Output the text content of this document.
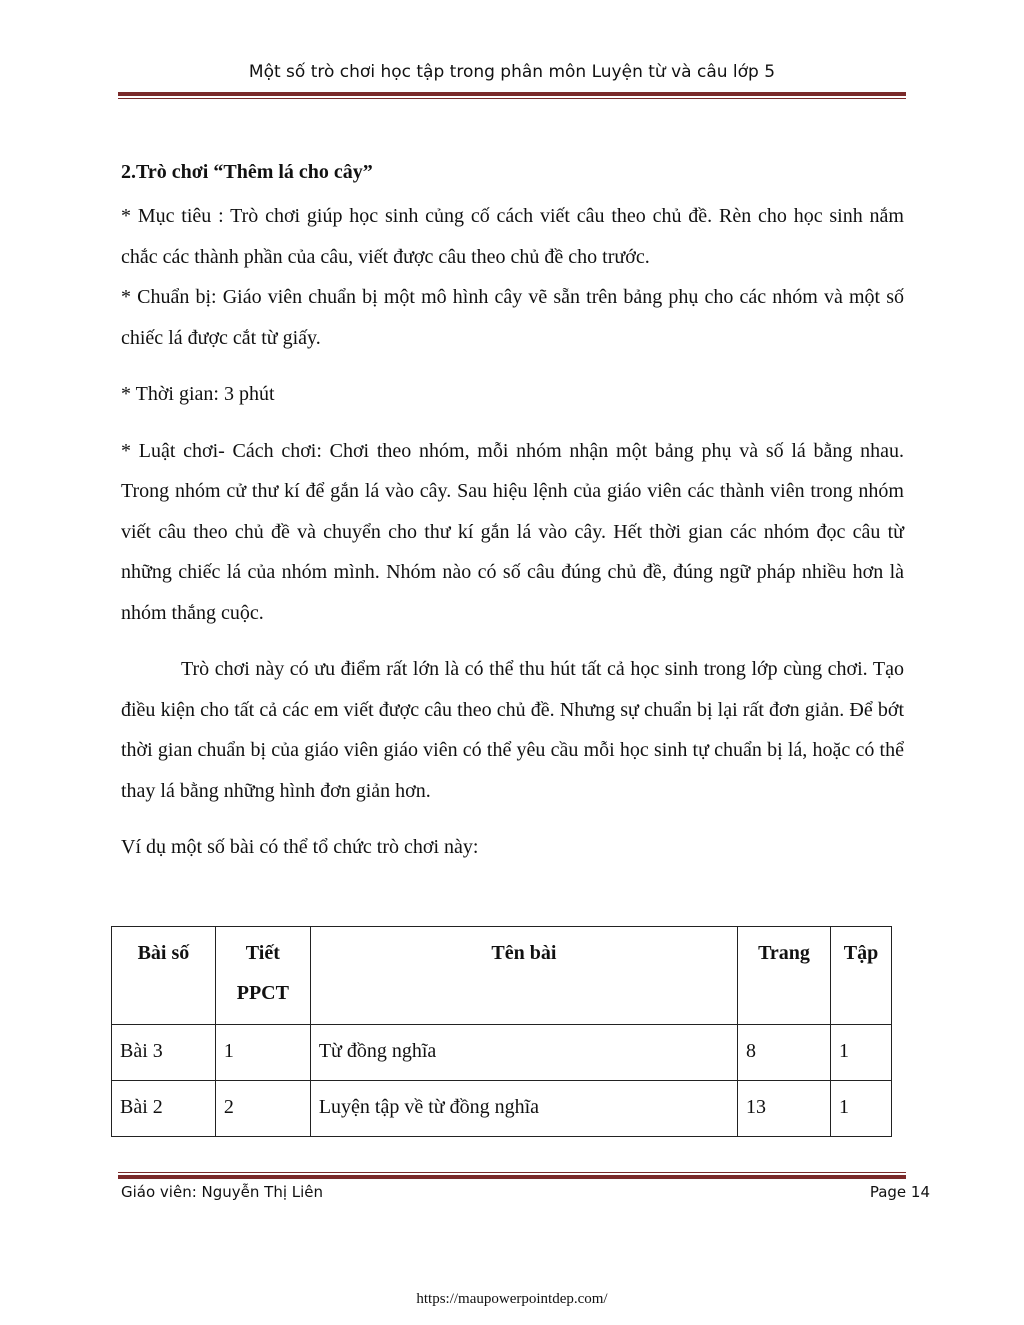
Một số trò chơi học tập trong phân môn Luyện từ và câu lớp 5
2.Trò chơi “Thêm lá cho cây”

* Mục tiêu : Trò chơi giúp học sinh củng cố cách viết câu theo chủ đề. Rèn cho học sinh nắm chắc các thành phần của câu, viết được câu theo chủ đề cho trước.

* Chuẩn bị: Giáo viên chuẩn bị một mô hình cây vẽ sẵn trên bảng phụ cho các nhóm và một số chiếc lá được cắt từ giấy.

* Thời gian: 3 phút

* Luật chơi- Cách chơi: Chơi theo nhóm, mỗi nhóm nhận một bảng phụ và số lá bằng nhau. Trong nhóm cử thư kí để gắn lá vào cây. Sau hiệu lệnh của giáo viên các thành viên trong nhóm viết câu theo chủ đề và chuyển cho thư kí gắn lá vào cây. Hết thời gian các nhóm đọc câu từ những chiếc lá của nhóm mình. Nhóm nào có số câu đúng chủ đề, đúng ngữ pháp nhiều hơn là nhóm thắng cuộc.

Trò chơi này có ưu điểm rất lớn là có thể thu hút tất cả học sinh trong lớp cùng chơi. Tạo điều kiện cho tất cả các em viết được câu theo chủ đề. Nhưng sự chuẩn bị lại rất đơn giản. Để bớt thời gian chuẩn bị của giáo viên giáo viên có thể yêu cầu mỗi học sinh tự chuẩn bị lá, hoặc có thể thay lá bằng những hình đơn giản hơn.

Ví dụ một số bài có thể tổ chức trò chơi này:

Bài số	Tiết PPCT	Tên bài	Trang	Tập
Bài 3	1	Từ đồng nghĩa	8	1
Bài 2	2	Luyện tập về từ đồng nghĩa	13	1
Giáo viên: Nguyễn Thị Liên	Page 14
https://maupowerpointdep.com/
